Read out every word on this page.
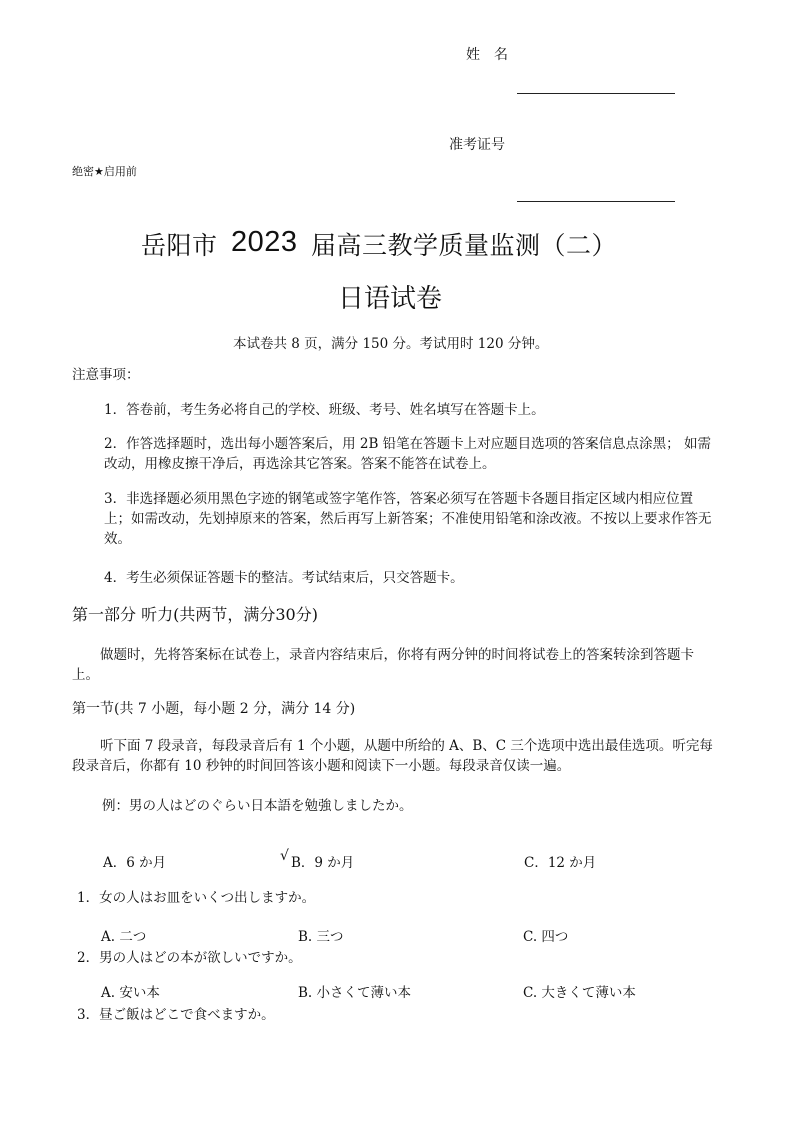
姓　名
准考证号
绝密★启用前
岳阳市 2023 届高三教学质量监测（二）
日语试卷
本试卷共 8 页，满分 150 分。考试用时 120 分钟。
注意事项：
1．答卷前，考生务必将自己的学校、班级、考号、姓名填写在答题卡上。
2．作答选择题时，选出每小题答案后，用 2B 铅笔在答题卡上对应题目选项的答案信息点涂黑； 如需改动，用橡皮擦干净后，再选涂其它答案。答案不能答在试卷上。
3．非选择题必须用黑色字迹的钢笔或签字笔作答，答案必须写在答题卡各题目指定区域内相应位置上；如需改动，先划掉原来的答案，然后再写上新答案；不准使用铅笔和涂改液。不按以上要求作答无效。
4．考生必须保证答题卡的整洁。考试结束后，只交答题卡。
第一部分 听力(共两节，满分30分)
做题时，先将答案标在试卷上，录音内容结束后，你将有两分钟的时间将试卷上的答案转涂到答题卡上。
第一节(共 7 小题，每小题 2 分，满分 14 分)
听下面 7 段录音，每段录音后有 1 个小题，从题中所给的 A、B、C 三个选项中选出最佳选项。听完每段录音后，你都有 10 秒钟的时间回答该小题和阅读下一小题。每段录音仅读一遍。
例：男の人はどのぐらい日本語を勉強しましたか。
A．6 か月	√ B．9 か月	C．12 か月
1．女の人はお皿をいくつ出しますか。
A. 二つ	B. 三つ	C. 四つ
2．男の人はどの本が欲しいですか。
A. 安い本	B. 小さくて薄い本	C. 大きくて薄い本
3．昼ご飯はどこで食べますか。
